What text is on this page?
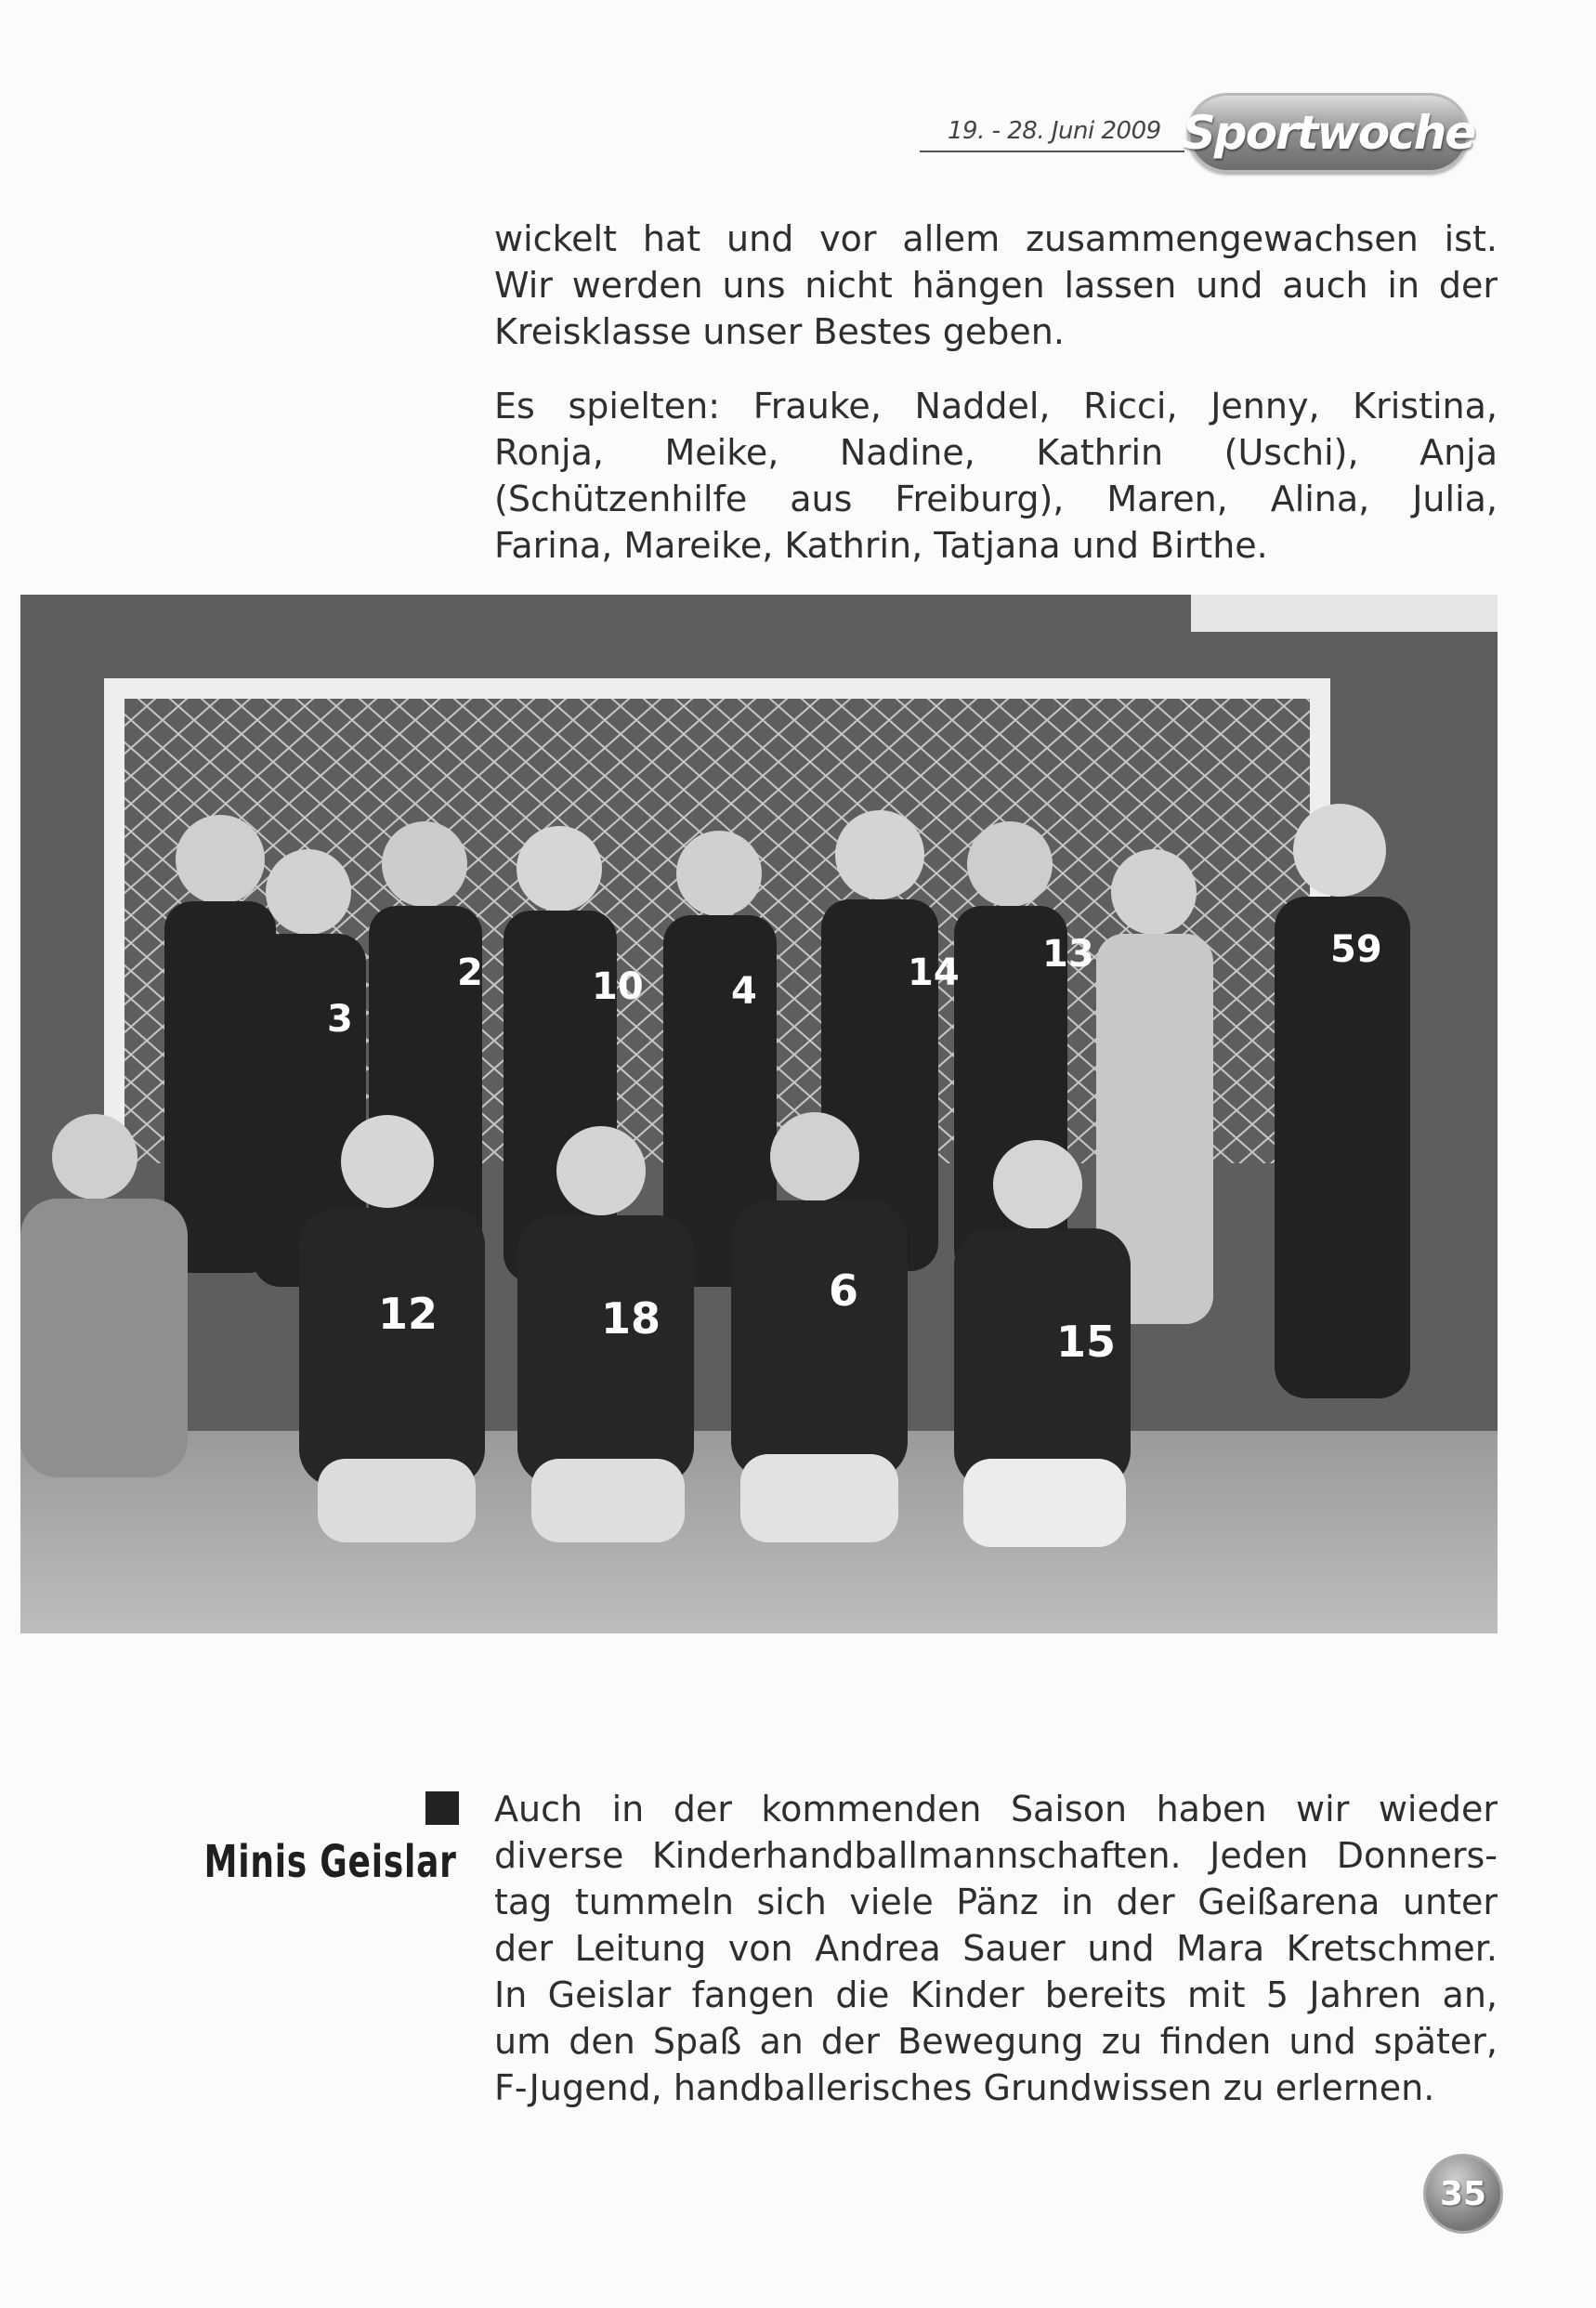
19. - 28. Juni 2009 Sportwoche
wickelt hat und vor allem zusammengewachsen ist.
Wir werden uns nicht hängen lassen und auch in der
Kreisklasse unser Bestes geben.
Es spielten: Frauke, Naddel, Ricci, Jenny, Kristina,
Ronja, Meike, Nadine, Kathrin (Uschi), Anja
(Schützenhilfe aus Freiburg), Maren, Alina, Julia,
Farina, Mareike, Kathrin, Tatjana und Birthe.
3
2	10 4	14 13	59
12	18
6
15
Minis Geislar
Auch in der kommenden Saison haben wir wieder
diverse Kinderhandballmannschaften. Jeden Donners-
tag tummeln sich viele Pänz in der Geißarena unter
der Leitung von Andrea Sauer und Mara Kretschmer.
In Geislar fangen die Kinder bereits mit 5 Jahren an,
um den Spaß an der Bewegung zu finden und später,
F-Jugend, handballerisches Grundwissen zu erlernen.
35
